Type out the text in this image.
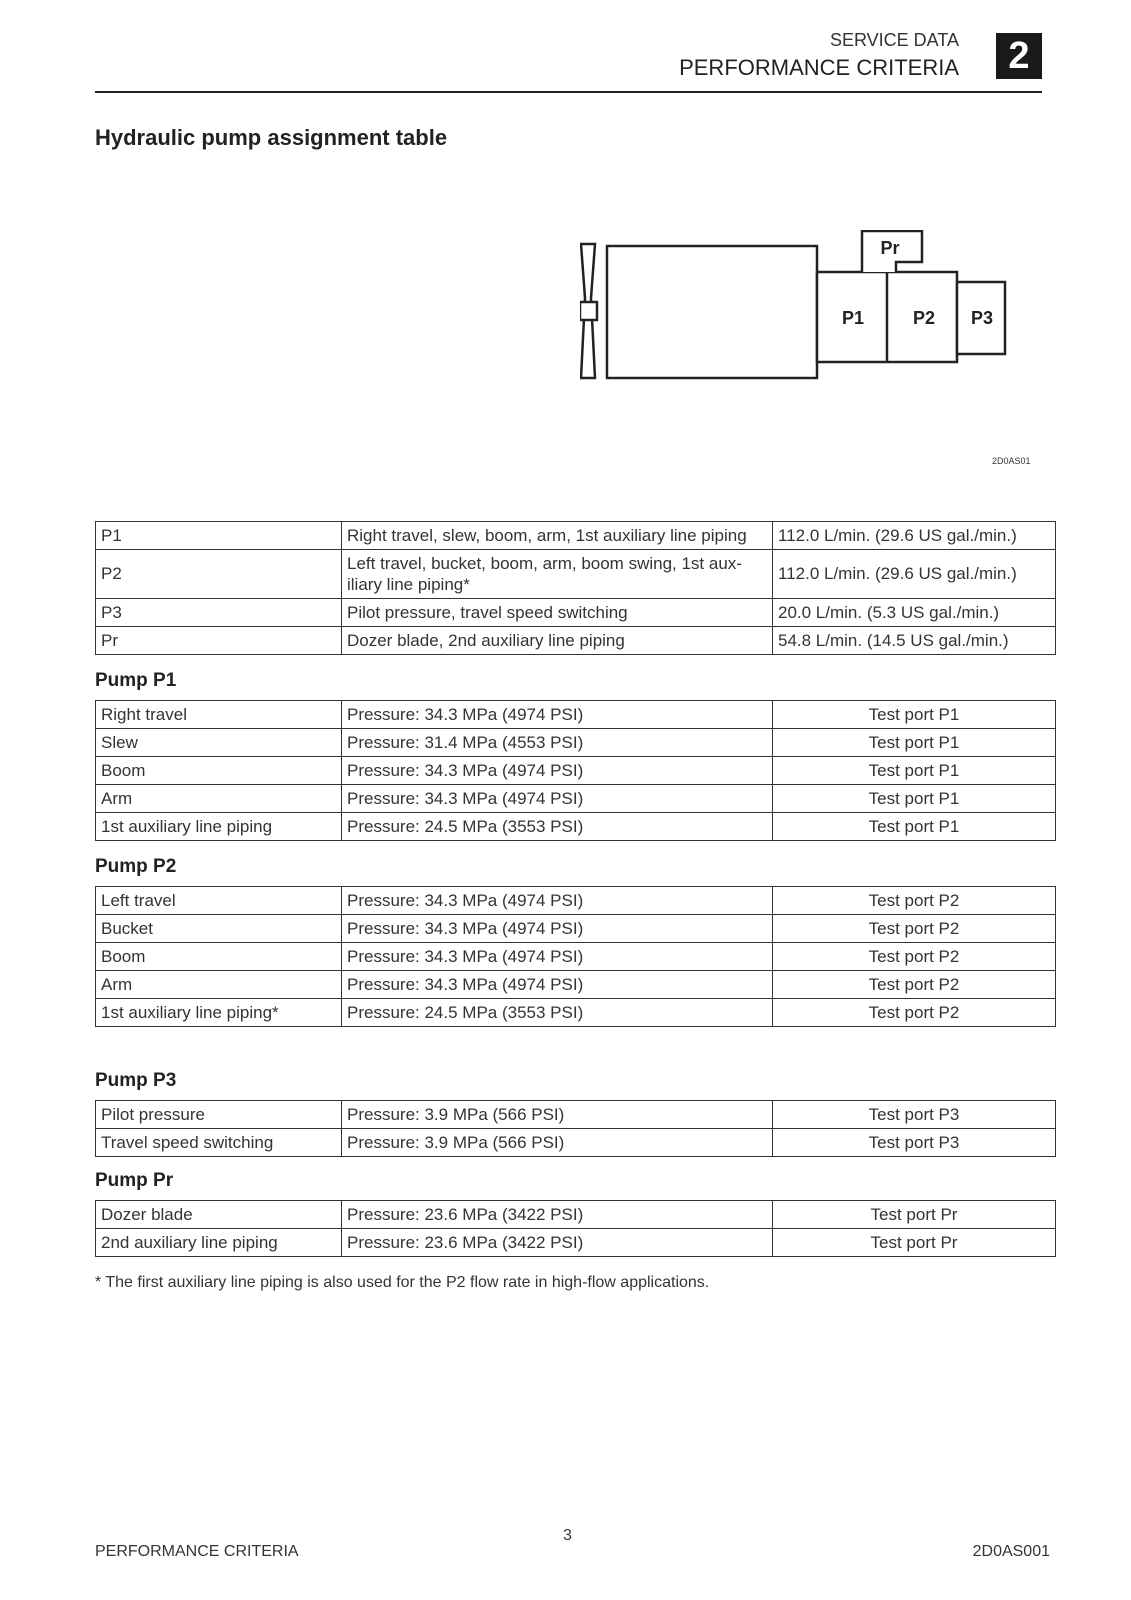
SERVICE DATA
PERFORMANCE CRITERIA	2
Hydraulic pump assignment table
Pr
P1	P2 P3
2D0AS01
P1	Right travel, slew, boom, arm, 1st auxiliary line piping	112.0 L/min. (29.6 US gal./min.)
P2	Left travel, bucket, boom, arm, boom swing, 1st aux-iliary line piping*	112.0 L/min. (29.6 US gal./min.)
P3	Pilot pressure, travel speed switching	20.0 L/min. (5.3 US gal./min.)
Pr	Dozer blade, 2nd auxiliary line piping	54.8 L/min. (14.5 US gal./min.)
Pump P1
Right travel	Pressure: 34.3 MPa (4974 PSI)	Test port P1
Slew	Pressure: 31.4 MPa (4553 PSI)	Test port P1
Boom	Pressure: 34.3 MPa (4974 PSI)	Test port P1
Arm	Pressure: 34.3 MPa (4974 PSI)	Test port P1
1st auxiliary line piping	Pressure: 24.5 MPa (3553 PSI)	Test port P1
Pump P2
Left travel	Pressure: 34.3 MPa (4974 PSI)	Test port P2
Bucket	Pressure: 34.3 MPa (4974 PSI)	Test port P2
Boom	Pressure: 34.3 MPa (4974 PSI)	Test port P2
Arm	Pressure: 34.3 MPa (4974 PSI)	Test port P2
1st auxiliary line piping*	Pressure: 24.5 MPa (3553 PSI)	Test port P2
Pump P3
Pilot pressure	Pressure: 3.9 MPa (566 PSI)	Test port P3
Travel speed switching	Pressure: 3.9 MPa (566 PSI)	Test port P3
Pump Pr
Dozer blade	Pressure: 23.6 MPa (3422 PSI)	Test port Pr
2nd auxiliary line piping	Pressure: 23.6 MPa (3422 PSI)	Test port Pr
* The first auxiliary line piping is also used for the P2 flow rate in high-flow applications.
PERFORMANCE CRITERIA
3
2D0AS001
